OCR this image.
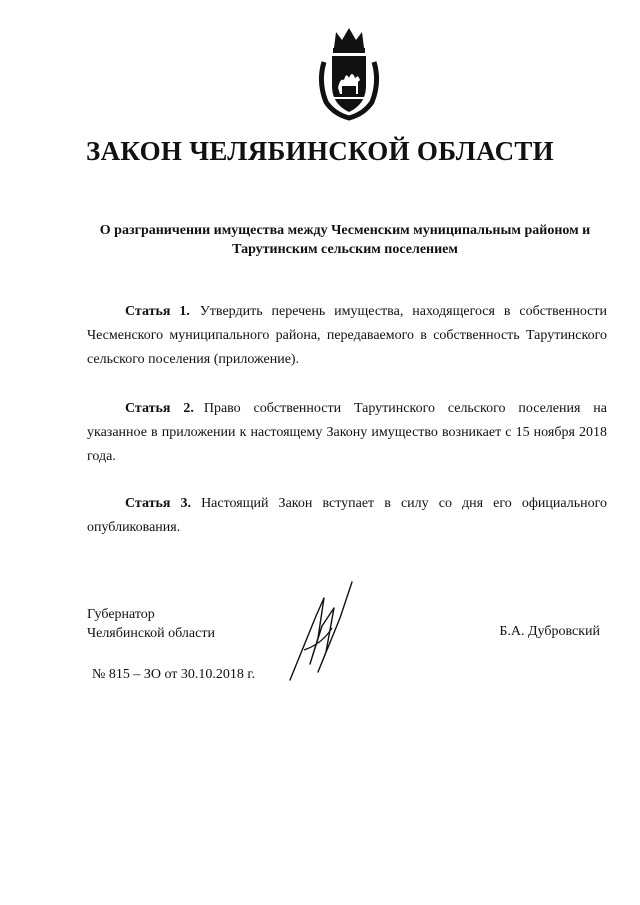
ЗАКОН ЧЕЛЯБИНСКОЙ ОБЛАСТИ
О разграничении имущества между Чесменским муниципальным районом и Тарутинским сельским поселением
Статья 1. Утвердить перечень имущества, находящегося в собственности Чесменского муниципального района, передаваемого в собственность Тарутинского сельского поселения (приложение).
Статья 2. Право собственности Тарутинского сельского поселения на указанное в приложении к настоящему Закону имущество возникает с 15 ноября 2018 года.
Статья 3. Настоящий Закон вступает в силу со дня его официального опубликования.
Губернатор
Челябинской области	Б.А. Дубровский
№ 815 – ЗО от 30.10.2018 г.
